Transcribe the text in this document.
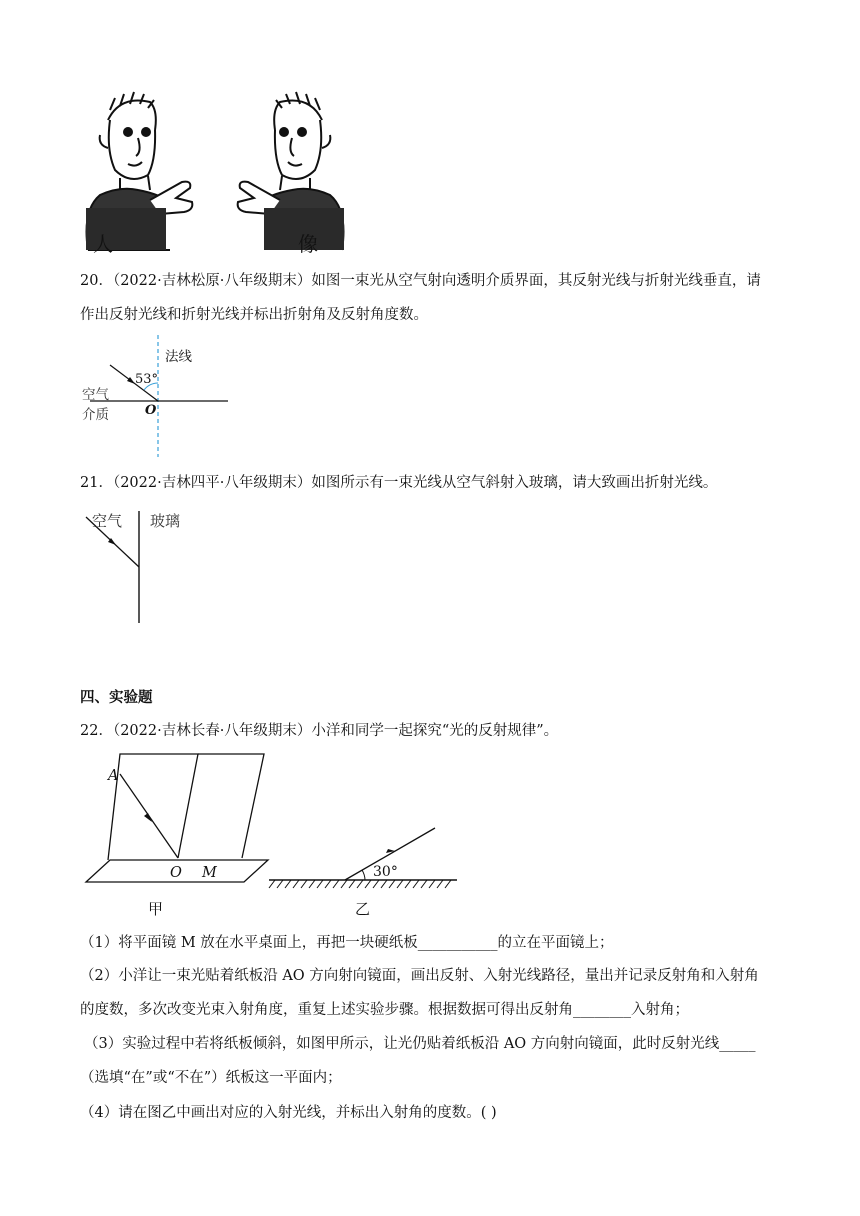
人	像
20．（2022·吉林松原·八年级期末）如图一束光从空气射向透明介质界面，其反射光线与折射光线垂直，请
作出反射光线和折射光线并标出折射角及反射角度数。
法线
53°
空气
介质	O
21．（2022·吉林四平·八年级期末）如图所示有一束光线从空气斜射入玻璃，请大致画出折射光线。
空气 玻璃
四、实验题
22．（2022·吉林长春·八年级期末）小洋和同学一起探究“光的反射规律”。
A
O M
甲
30°
乙
（1）将平面镜 M 放在水平桌面上，再把一块硬纸板___________的立在平面镜上；
（2）小洋让一束光贴着纸板沿 AO 方向射向镜面，画出反射、入射光线路径，量出并记录反射角和入射角
的度数，多次改变光束入射角度，重复上述实验步骤。根据数据可得出反射角________入射角；
（3）实验过程中若将纸板倾斜，如图甲所示，让光仍贴着纸板沿 AO 方向射向镜面，此时反射光线_____
（选填“在”或“不在”）纸板这一平面内；
（4）请在图乙中画出对应的入射光线，并标出入射角的度数。( )
